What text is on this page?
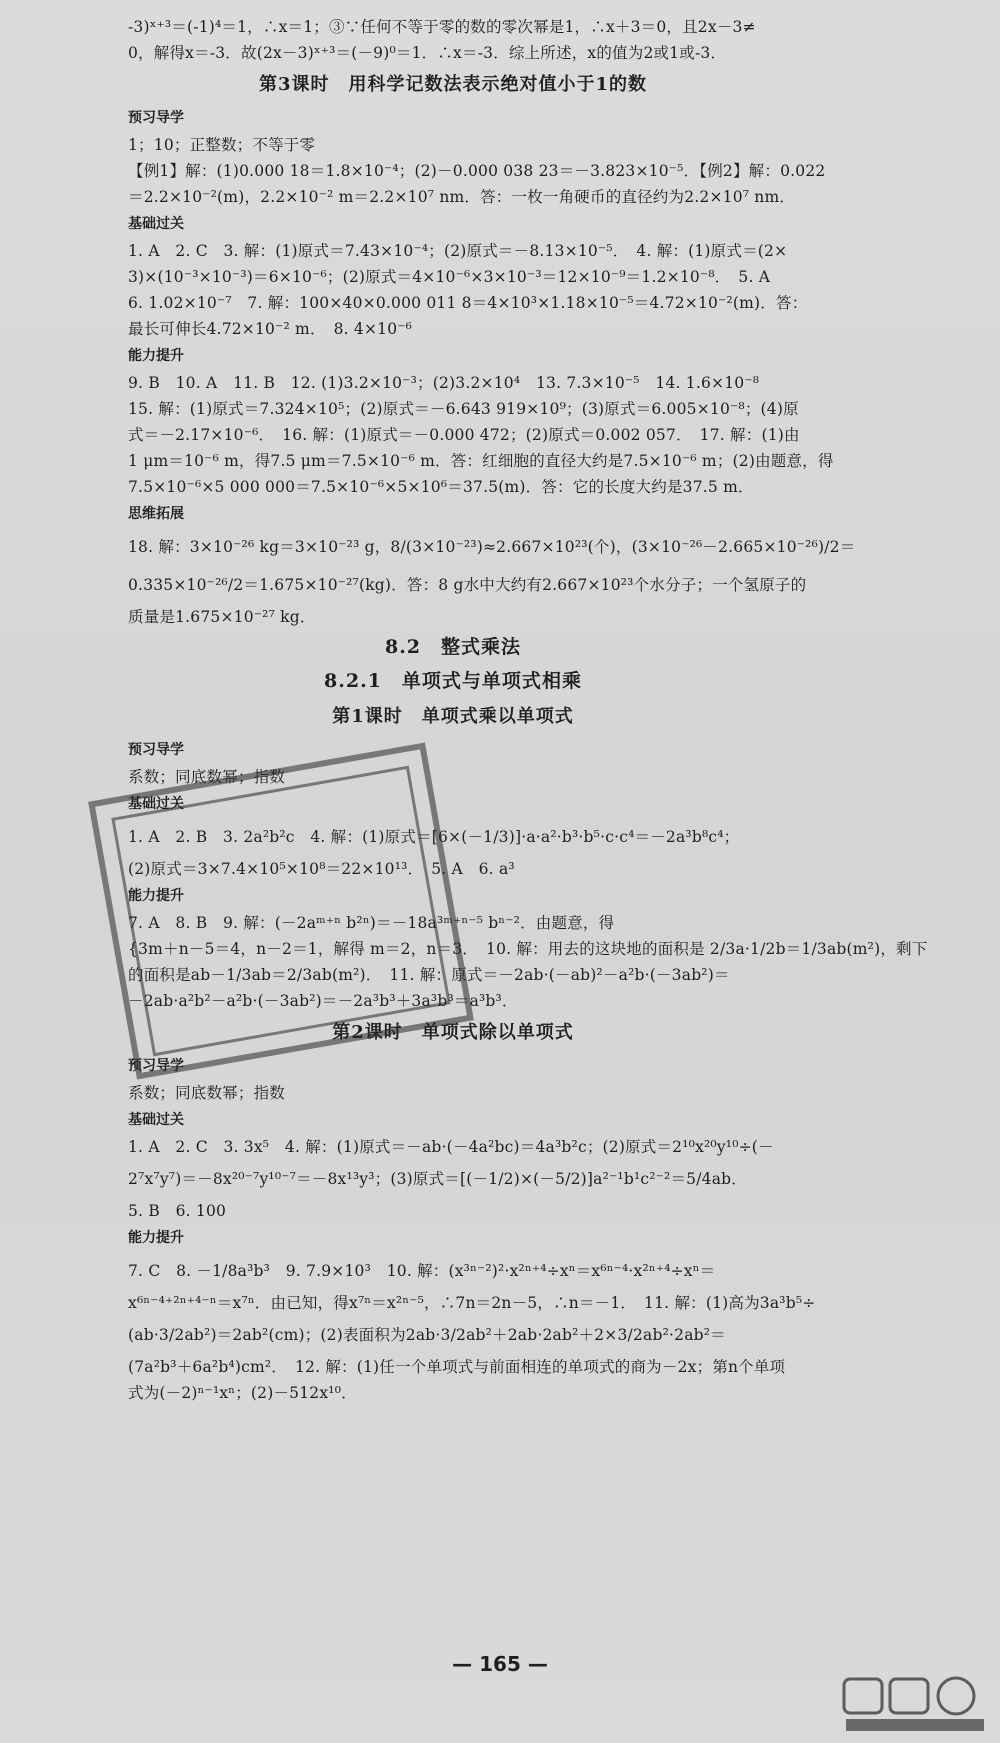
-3)ˣ⁺³＝(-1)⁴＝1，∴x＝1；③∵任何不等于零的数的零次幂是1，∴x＋3＝0，且2x－3≠
0，解得x＝-3．故(2x－3)ˣ⁺³＝(－9)⁰＝1．∴x＝-3．综上所述，x的值为2或1或-3．
第3课时　用科学记数法表示绝对值小于1的数
预习导学
1；10；正整数；不等于零
【例1】解：(1)0.000 18＝1.8×10⁻⁴；(2)－0.000 038 23＝－3.823×10⁻⁵．【例2】解：0.022
＝2.2×10⁻²(m)，2.2×10⁻² m＝2.2×10⁷ nm．答：一枚一角硬币的直径约为2.2×10⁷ nm．
基础过关
1. A　2. C　3. 解：(1)原式＝7.43×10⁻⁴；(2)原式＝－8.13×10⁻⁵．　4. 解：(1)原式＝(2×
3)×(10⁻³×10⁻³)＝6×10⁻⁶；(2)原式＝4×10⁻⁶×3×10⁻³＝12×10⁻⁹＝1.2×10⁻⁸．　5. A
6. 1.02×10⁻⁷　7. 解：100×40×0.000 011 8＝4×10³×1.18×10⁻⁵＝4.72×10⁻²(m)．答：
最长可伸长4.72×10⁻² m．　8. 4×10⁻⁶
能力提升
9. B　10. A　11. B　12. (1)3.2×10⁻³；(2)3.2×10⁴　13. 7.3×10⁻⁵　14. 1.6×10⁻⁸
15. 解：(1)原式＝7.324×10⁵；(2)原式＝－6.643 919×10⁹；(3)原式＝6.005×10⁻⁸；(4)原
式＝－2.17×10⁻⁶．　16. 解：(1)原式＝－0.000 472；(2)原式＝0.002 057．　17. 解：(1)由
1 μm＝10⁻⁶ m，得7.5 μm＝7.5×10⁻⁶ m．答：红细胞的直径大约是7.5×10⁻⁶ m；(2)由题意，得
7.5×10⁻⁶×5 000 000＝7.5×10⁻⁶×5×10⁶＝37.5(m)．答：它的长度大约是37.5 m．
思维拓展
18. 解：3×10⁻²⁶ kg＝3×10⁻²³ g，8/(3×10⁻²³)≈2.667×10²³(个)，(3×10⁻²⁶－2.665×10⁻²⁶)/2＝
0.335×10⁻²⁶/2＝1.675×10⁻²⁷(kg)．答：8 g水中大约有2.667×10²³个水分子；一个氢原子的
质量是1.675×10⁻²⁷ kg．
8.2　整式乘法
8.2.1　单项式与单项式相乘
第1课时　单项式乘以单项式
预习导学
系数；同底数幂；指数
基础过关
1. A　2. B　3. 2a²b²c　4. 解：(1)原式＝[6×(－1/3)]·a·a²·b³·b⁵·c·c⁴＝－2a³b⁸c⁴；
(2)原式＝3×7.4×10⁵×10⁸＝22×10¹³．　5. A　6. a³
能力提升
7. A　8. B　9. 解：(－2aᵐ⁺ⁿ b²ⁿ)＝－18a³ᵐ⁺ⁿ⁻⁵ bⁿ⁻²．由题意，得
{3m＋n－5＝4，n－2＝1，解得 m＝2，n＝3．　10. 解：用去的这块地的面积是 2/3a·1/2b＝1/3ab(m²)，剩下
的面积是ab－1/3ab＝2/3ab(m²)．　11. 解：原式＝－2ab·(－ab)²－a²b·(－3ab²)＝
－2ab·a²b²－a²b·(－3ab²)＝－2a³b³＋3a³b³＝a³b³．
第2课时　单项式除以单项式
预习导学
系数；同底数幂；指数
基础过关
1. A　2. C　3. 3x⁵　4. 解：(1)原式＝－ab·(－4a²bc)＝4a³b²c；(2)原式＝2¹⁰x²⁰y¹⁰÷(－
2⁷x⁷y⁷)＝－8x²⁰⁻⁷y¹⁰⁻⁷＝－8x¹³y³；(3)原式＝[(－1/2)×(－5/2)]a²⁻¹b¹c²⁻²＝5/4ab．
5. B　6. 100
能力提升
7. C　8. －1/8a³b³　9. 7.9×10³　10. 解：(x³ⁿ⁻²)²·x²ⁿ⁺⁴÷xⁿ＝x⁶ⁿ⁻⁴·x²ⁿ⁺⁴÷xⁿ＝
x⁶ⁿ⁻⁴⁺²ⁿ⁺⁴⁻ⁿ＝x⁷ⁿ．由已知，得x⁷ⁿ＝x²ⁿ⁻⁵，∴7n＝2n－5，∴n＝－1．　11. 解：(1)高为3a³b⁵÷
(ab·3/2ab²)＝2ab²(cm)；(2)表面积为2ab·3/2ab²＋2ab·2ab²＋2×3/2ab²·2ab²＝
(7a²b³＋6a²b⁴)cm²．　12. 解：(1)任一个单项式与前面相连的单项式的商为－2x；第n个单项
式为(－2)ⁿ⁻¹xⁿ；(2)－512x¹⁰．
— 165 —
